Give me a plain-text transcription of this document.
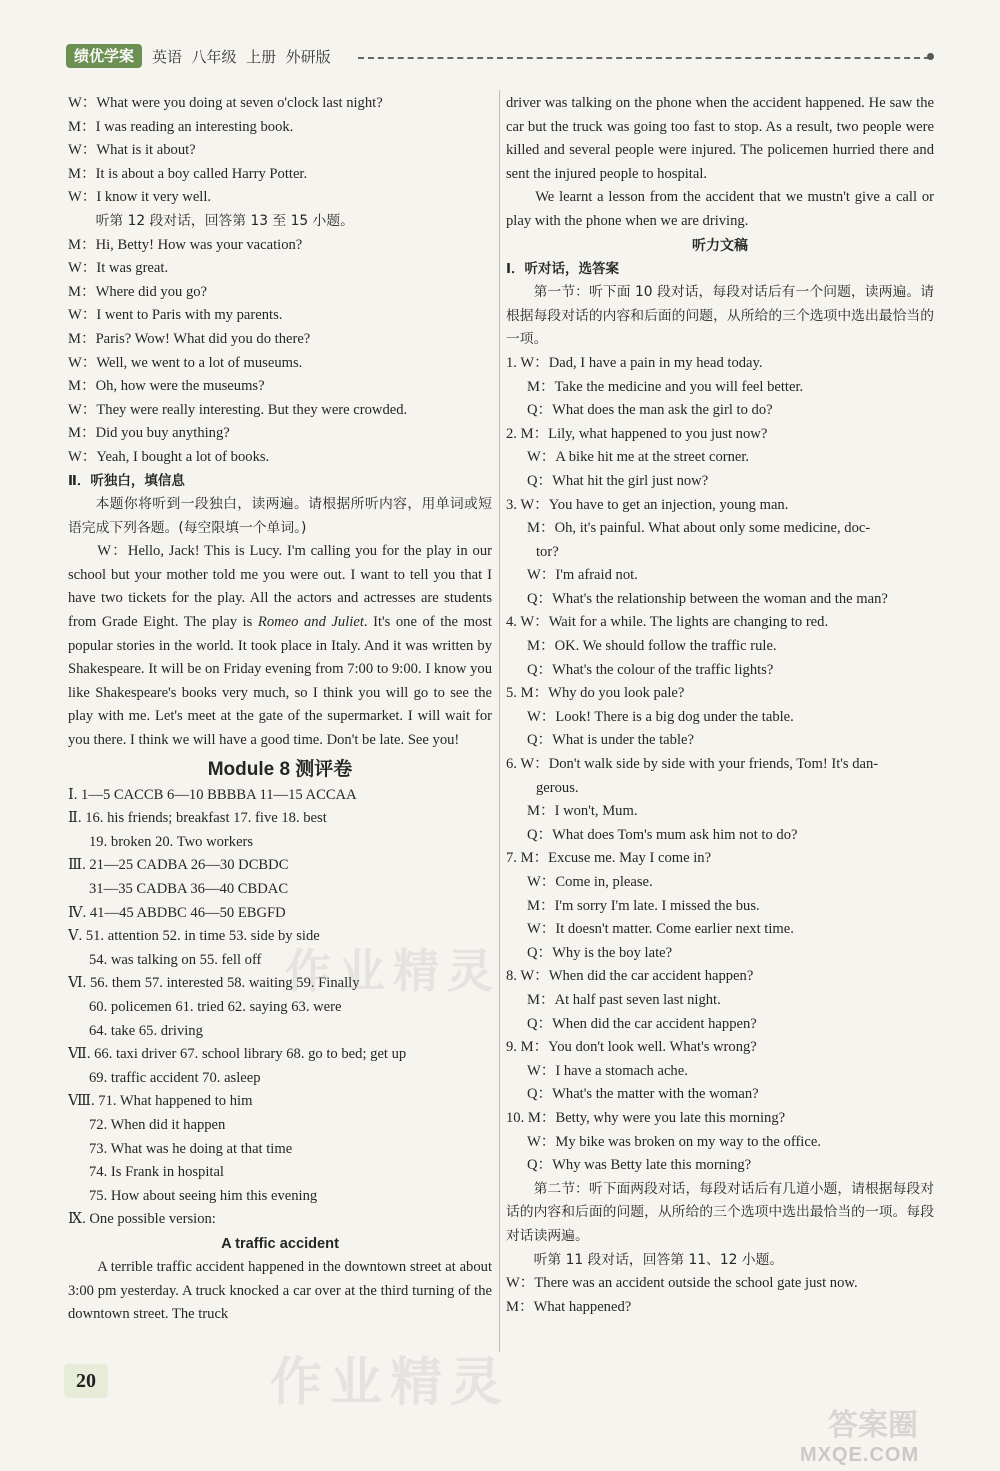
绩优学案	英语  八年级  上册  外研版
W：What were you doing at seven o'clock last night?
M：I was reading an interesting book.
W：What is it about?
M：It is about a boy called Harry Potter.
W：I know it very well.
听第 12 段对话，回答第 13 至 15 小题。
M：Hi, Betty! How was your vacation?
W：It was great.
M：Where did you go?
W：I went to Paris with my parents.
M：Paris? Wow! What did you do there?
W：Well, we went to a lot of museums.
M：Oh, how were the museums?
W：They were really interesting. But they were crowded.
M：Did you buy anything?
W：Yeah, I bought a lot of books.
Ⅱ．听独白，填信息
本题你将听到一段独白，读两遍。请根据所听内容，用单词或短语完成下列各题。(每空限填一个单词。)
W：Hello, Jack! This is Lucy. I'm calling you for the play in our school but your mother told me you were out. I want to tell you that I have two tickets for the play. All the actors and actresses are students from Grade Eight. The play is Romeo and Juliet. It's one of the most popular stories in the world. It took place in Italy. And it was written by Shakespeare. It will be on Friday evening from 7:00 to 9:00. I know you like Shakespeare's books very much, so I think you will go to see the play with me. Let's meet at the gate of the supermarket. I will wait for you there. I think we will have a good time. Don't be late. See you!
Module 8 测评卷
Ⅰ. 1—5 CACCB 6—10 BBBBA 11—15 ACCAA
Ⅱ. 16. his friends; breakfast 17. five 18. best
19. broken 20. Two workers
Ⅲ. 21—25 CADBA 26—30 DCBDC
31—35 CADBA 36—40 CBDAC
Ⅳ. 41—45 ABDBC 46—50 EBGFD
Ⅴ. 51. attention 52. in time 53. side by side
54. was talking on 55. fell off
Ⅵ. 56. them 57. interested 58. waiting 59. Finally
60. policemen 61. tried 62. saying 63. were
64. take 65. driving
Ⅶ. 66. taxi driver 67. school library 68. go to bed; get up
69. traffic accident 70. asleep
Ⅷ. 71. What happened to him
72. When did it happen
73. What was he doing at that time
74. Is Frank in hospital
75. How about seeing him this evening
Ⅸ. One possible version:
A traffic accident
A terrible traffic accident happened in the downtown street at about 3:00 pm yesterday. A truck knocked a car over at the third turning of the downtown street. The truck
driver was talking on the phone when the accident happened. He saw the car but the truck was going too fast to stop. As a result, two people were killed and several people were injured. The policemen hurried there and sent the injured people to hospital.
We learnt a lesson from the accident that we mustn't give a call or play with the phone when we are driving.
听力文稿
Ⅰ．听对话，选答案
第一节：听下面 10 段对话，每段对话后有一个问题，读两遍。请根据每段对话的内容和后面的问题，从所给的三个选项中选出最恰当的一项。
1. W：Dad, I have a pain in my head today.
M：Take the medicine and you will feel better.
Q：What does the man ask the girl to do?
2. M：Lily, what happened to you just now?
W：A bike hit me at the street corner.
Q：What hit the girl just now?
3. W：You have to get an injection, young man.
M：Oh, it's painful. What about only some medicine, doc-
tor?
W：I'm afraid not.
Q：What's the relationship between the woman and the man?
4. W：Wait for a while. The lights are changing to red.
M：OK. We should follow the traffic rule.
Q：What's the colour of the traffic lights?
5. M：Why do you look pale?
W：Look! There is a big dog under the table.
Q：What is under the table?
6. W：Don't walk side by side with your friends, Tom! It's dan-
gerous.
M：I won't, Mum.
Q：What does Tom's mum ask him not to do?
7. M：Excuse me. May I come in?
W：Come in, please.
M：I'm sorry I'm late. I missed the bus.
W：It doesn't matter. Come earlier next time.
Q：Why is the boy late?
8. W：When did the car accident happen?
M：At half past seven last night.
Q：When did the car accident happen?
9. M：You don't look well. What's wrong?
W：I have a stomach ache.
Q：What's the matter with the woman?
10. M：Betty, why were you late this morning?
W：My bike was broken on my way to the office.
Q：Why was Betty late this morning?
第二节：听下面两段对话，每段对话后有几道小题，请根据每段对话的内容和后面的问题，从所给的三个选项中选出最恰当的一项。每段对话读两遍。
听第 11 段对话，回答第 11、12 小题。
W：There was an accident outside the school gate just now.
M：What happened?
作业精灵
作业精灵
20
答案圈
MXQE.COM
